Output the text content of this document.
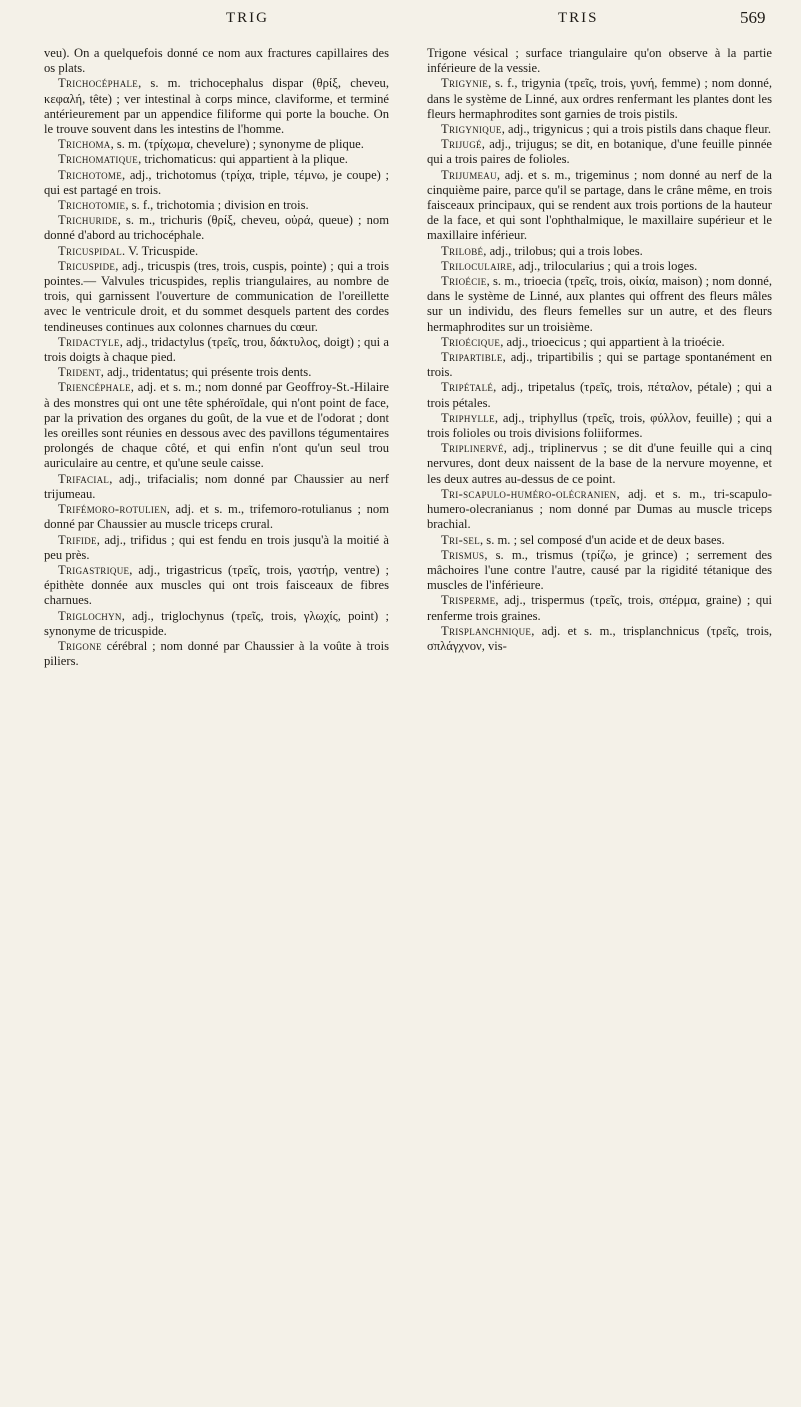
TRIG	TRIS	569

veu). On a quelquefois donné ce nom aux fractures capillaires des os plats.

Trichocéphale, s. m. trichocephalus dispar (θρίξ, cheveu, κεφαλή, tête) ; ver intestinal à corps mince, claviforme, et terminé antérieurement par un appendice filiforme qui porte la bouche. On le trouve souvent dans les intestins de l'homme.

Trichoma, s. m. (τρίχωμα, chevelure) ; synonyme de plique.

Trichomatique, trichomaticus: qui appartient à la plique.

Trichotome, adj., trichotomus (τρίχα, triple, τέμνω, je coupe) ; qui est partagé en trois.

Trichotomie, s. f., trichotomia ; division en trois.

Trichuride, s. m., trichuris (θρίξ, cheveu, οὐρά, queue) ; nom donné d'abord au trichocéphale.

Tricuspidal. V. Tricuspide.

Tricuspide, adj., tricuspis (tres, trois, cuspis, pointe) ; qui a trois pointes.— Valvules tricuspides, replis triangulaires, au nombre de trois, qui garnissent l'ouverture de communication de l'oreillette avec le ventricule droit, et du sommet desquels partent des cordes tendineuses continues aux colonnes charnues du cœur.

Tridactyle, adj., tridactylus (τρεῖς, trou, δάκτυλος, doigt) ; qui a trois doigts à chaque pied.

Trident, adj., tridentatus; qui présente trois dents.

Triencéphale, adj. et s. m.; nom donné par Geoffroy-St.-Hilaire à des monstres qui ont une tête sphéroïdale, qui n'ont point de face, par la privation des organes du goût, de la vue et de l'odorat ; dont les oreilles sont réunies en dessous avec des pavillons tégumentaires prolongés de chaque côté, et qui enfin n'ont qu'un seul trou auriculaire au centre, et qu'une seule caisse.

Trifacial, adj., trifacialis; nom donné par Chaussier au nerf trijumeau.

Trifémoro-rotulien, adj. et s. m., trifemoro-rotulianus ; nom donné par Chaussier au muscle triceps crural.

Trifide, adj., trifidus ; qui est fendu en trois jusqu'à la moitié à peu près.

Trigastrique, adj., trigastricus (τρεῖς, trois, γαστήρ, ventre) ; épithète donnée aux muscles qui ont trois faisceaux de fibres charnues.

Triglochyn, adj., triglochynus (τρεῖς, trois, γλωχίς, point) ; synonyme de tricuspide.

Trigone cérébral ; nom donné par Chaussier à la voûte à trois piliers.

Trigone vésical ; surface triangulaire qu'on observe à la partie inférieure de la vessie.

Trigynie, s. f., trigynia (τρεῖς, trois, γυνή, femme) ; nom donné, dans le système de Linné, aux ordres renfermant les plantes dont les fleurs hermaphrodites sont garnies de trois pistils.

Trigynique, adj., trigynicus ; qui a trois pistils dans chaque fleur.

Trijugé, adj., trijugus; se dit, en botanique, d'une feuille pinnée qui a trois paires de folioles.

Trijumeau, adj. et s. m., trigeminus ; nom donné au nerf de la cinquième paire, parce qu'il se partage, dans le crâne même, en trois faisceaux principaux, qui se rendent aux trois portions de la hauteur de la face, et qui sont l'ophthalmique, le maxillaire supérieur et le maxillaire inférieur.

Trilobé, adj., trilobus; qui a trois lobes.

Triloculaire, adj., trilocularius ; qui a trois loges.

Trioécie, s. m., trioecia (τρεῖς, trois, οἰκία, maison) ; nom donné, dans le système de Linné, aux plantes qui offrent des fleurs mâles sur un individu, des fleurs femelles sur un autre, et des fleurs hermaphrodites sur un troisième.

Trioécique, adj., trioecicus ; qui appartient à la trioécie.

Tripartible, adj., tripartibilis ; qui se partage spontanément en trois.

Tripétalé, adj., tripetalus (τρεῖς, trois, πέταλον, pétale) ; qui a trois pétales.

Triphylle, adj., triphyllus (τρεῖς, trois, φύλλον, feuille) ; qui a trois folioles ou trois divisions foliiformes.

Triplinervé, adj., triplinervus ; se dit d'une feuille qui a cinq nervures, dont deux naissent de la base de la nervure moyenne, et les deux autres au-dessus de ce point.

Tri-scapulo-huméro-olécranien, adj. et s. m., tri-scapulo-humero-olecranianus ; nom donné par Dumas au muscle triceps brachial.

Tri-sel, s. m. ; sel composé d'un acide et de deux bases.

Trismus, s. m., trismus (τρίζω, je grince) ; serrement des mâchoires l'une contre l'autre, causé par la rigidité tétanique des muscles de l'inférieure.

Trisperme, adj., trispermus (τρεῖς, trois, σπέρμα, graine) ; qui renferme trois graines.

Trisplanchnique, adj. et s. m., trisplanchnicus (τρεῖς, trois, σπλάγχνον, vis-
